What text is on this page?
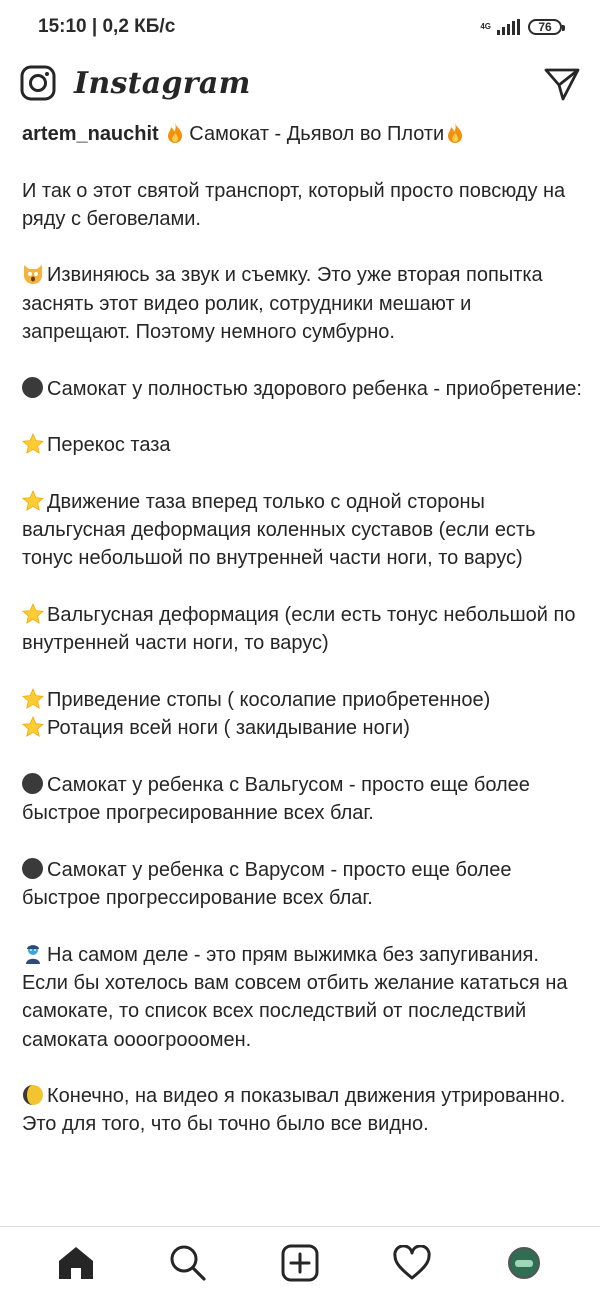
15:10 | 0,2 КБ/с	4G	76
Instagram

artem_nauchit Самокат - Дьявол во Плоти

И так о этот святой транспорт, который просто повсюду на ряду с беговелами.

Извиняюсь за звук и съемку. Это уже вторая попытка заснять этот видео ролик, сотрудники мешают и запрещают. Поэтому немного сумбурно.

Самокат у полностью здорового ребенка - приобретение:

Перекос таза

Движение таза вперед только с одной стороны вальгусная деформация коленных суставов (если есть тонус небольшой по внутренней части ноги, то варус)

Вальгусная деформация (если есть тонус небольшой по внутренней части ноги, то варус)

Приведение стопы ( косолапие приобретенное)

Ротация всей ноги ( закидывание ноги)

Самокат у ребенка с Вальгусом - просто еще более быстрое прогресированние всех благ.

Самокат у ребенка с Варусом - просто еще более быстрое прогрессирование всех благ.

На самом деле - это прям выжимка без запугивания. Если бы хотелось вам совсем отбить желание кататься на самокате, то список всех последствий от последствий самоката оооогрооомен.

Конечно, на видео я показывал движения утрированно. Это для того, что бы точно было все видно.
